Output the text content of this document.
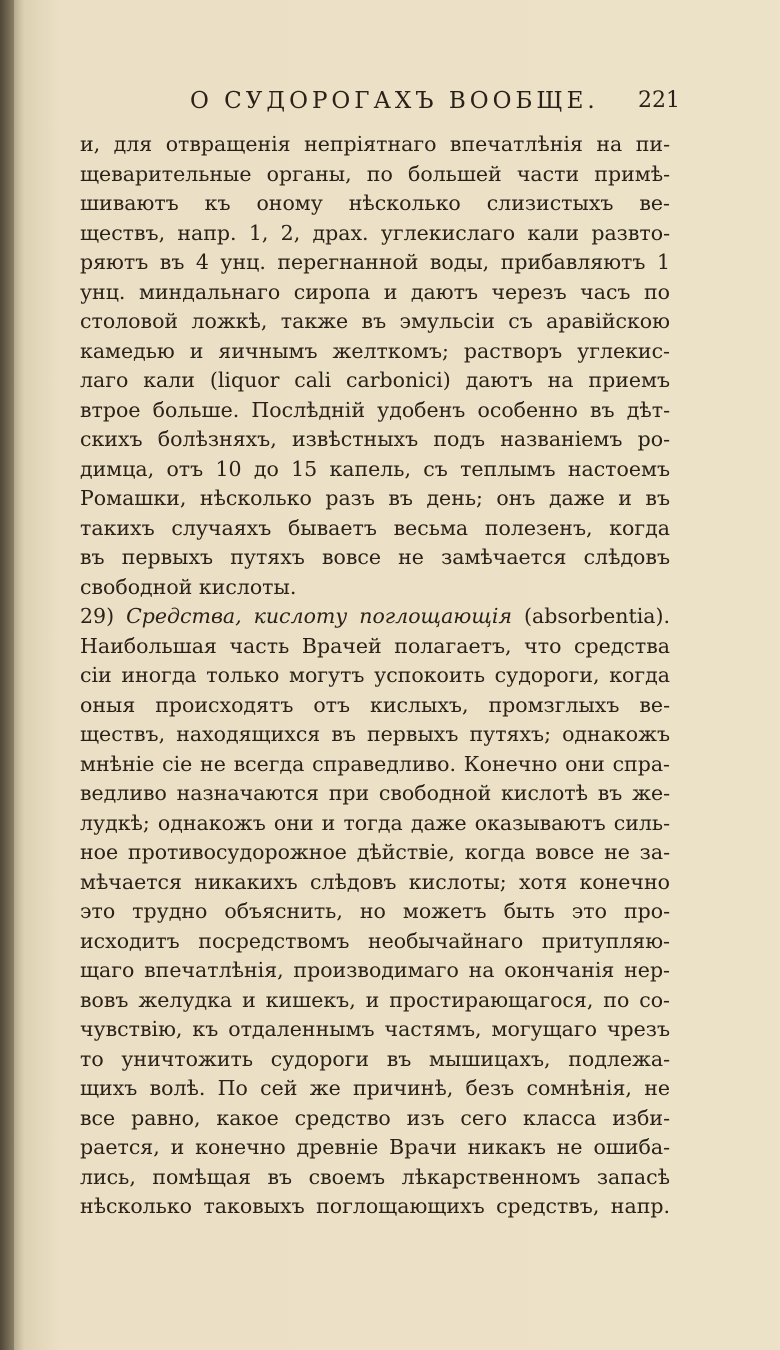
О СУДОРОГАХЪ ВООБЩЕ. 221
и, для отвращенія непріятнаго впечатлѣнія на пи-
щеварительные органы, по большей части примѣ-
шиваютъ къ оному нѣсколько слизистыхъ ве-
ществъ, напр. 1, 2, драх. углекислаго кали развто-
ряютъ въ 4 унц. перегнанной воды, прибавляютъ 1
унц. миндальнаго сиропа и даютъ черезъ часъ по
столовой ложкѣ, также въ эмульсіи съ аравійскою
камедью и яичнымъ желткомъ; растворъ углекис-
лаго кали (liquor cali carbonici) даютъ на приемъ
втрое больше. Послѣдній удобенъ особенно въ дѣт-
скихъ болѣзняхъ, извѣстныхъ подъ названіемъ ро-
димца, отъ 10 до 15 капель, съ теплымъ настоемъ
Ромашки, нѣсколько разъ въ день; онъ даже и въ
такихъ случаяхъ бываетъ весьма полезенъ, когда
въ первыхъ путяхъ вовсе не замѣчается слѣдовъ
свободной кислоты.
29) Средства, кислоту поглощающія (absorbentia).
Наибольшая часть Врачей полагаетъ, что средства
сіи иногда только могутъ успокоить судороги, когда
оныя происходятъ отъ кислыхъ, промзглыхъ ве-
ществъ, находящихся въ первыхъ путяхъ; однакожъ
мнѣніе сіе не всегда справедливо. Конечно они спра-
ведливо назначаются при свободной кислотѣ въ же-
лудкѣ; однакожъ они и тогда даже оказываютъ силь-
ное противосудорожное дѣйствіе, когда вовсе не за-
мѣчается никакихъ слѣдовъ кислоты; хотя конечно
это трудно объяснить, но можетъ быть это про-
исходитъ посредствомъ необычайнаго притупляю-
щаго впечатлѣнія, производимаго на окончанія нер-
вовъ желудка и кишекъ, и простирающагося, по со-
чувствію, къ отдаленнымъ частямъ, могущаго чрезъ
то уничтожить судороги въ мышицахъ, подлежа-
щихъ волѣ. По сей же причинѣ, безъ сомнѣнія, не
все равно, какое средство изъ сего класса изби-
рается, и конечно древніе Врачи никакъ не ошиба-
лись, помѣщая въ своемъ лѣкарственномъ запасѣ
нѣсколько таковыхъ поглощающихъ средствъ, напр.
